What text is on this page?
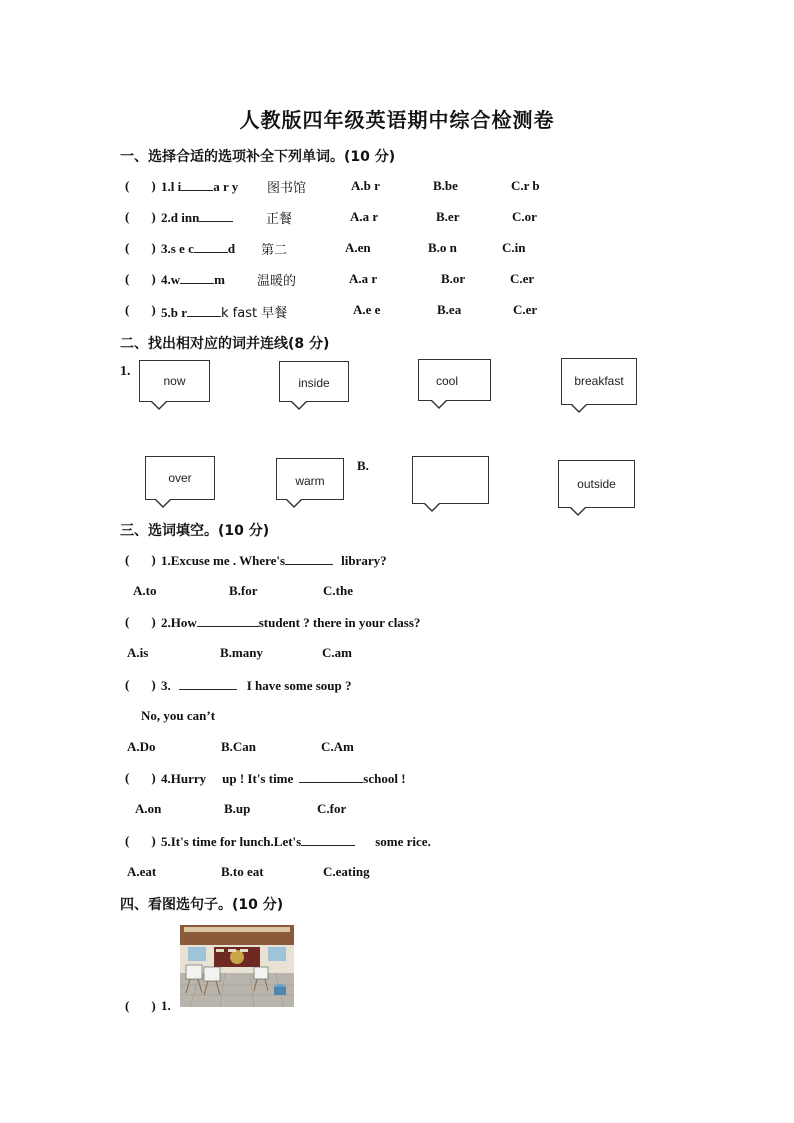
人教版四年级英语期中综合检测卷
一、选择合适的选项补全下列单词。(10 分)
( ) 1.l i a r y 图书馆	A.b r	B.be	C.r b
( ) 2.d inn	正餐	A.a r	B.er	C.or
( ) 3.s e c	d 第二	A.en	B.o n	C.in
( ) 4.w	m 温暖的	A.a r	B.or	C.er
( ) 5.b r	k fast 早餐	A.e e	B.ea	C.er
二、找出相对应的词并连线(8 分)
1.
B.
now	inside	cool	breakfast
over	warm	outside
三、选词填空。(10 分)
( ) 1.Excuse me . Where's	library?
A.to	B.for	C.the
( ) 2.How	student ? there in your class?
A.is	B.many	C.am
( ) 3.	I have some soup ?
No, you can’t
A.Do	B.Can	C.Am
( ) 4.Hurry up ! It's time	school !
A.on	B.up	C.for
( ) 5.It's time for lunch.Let's	some rice.
A.eat	B.to eat	C.eating
四、看图选句子。(10 分)
( ) 1.
